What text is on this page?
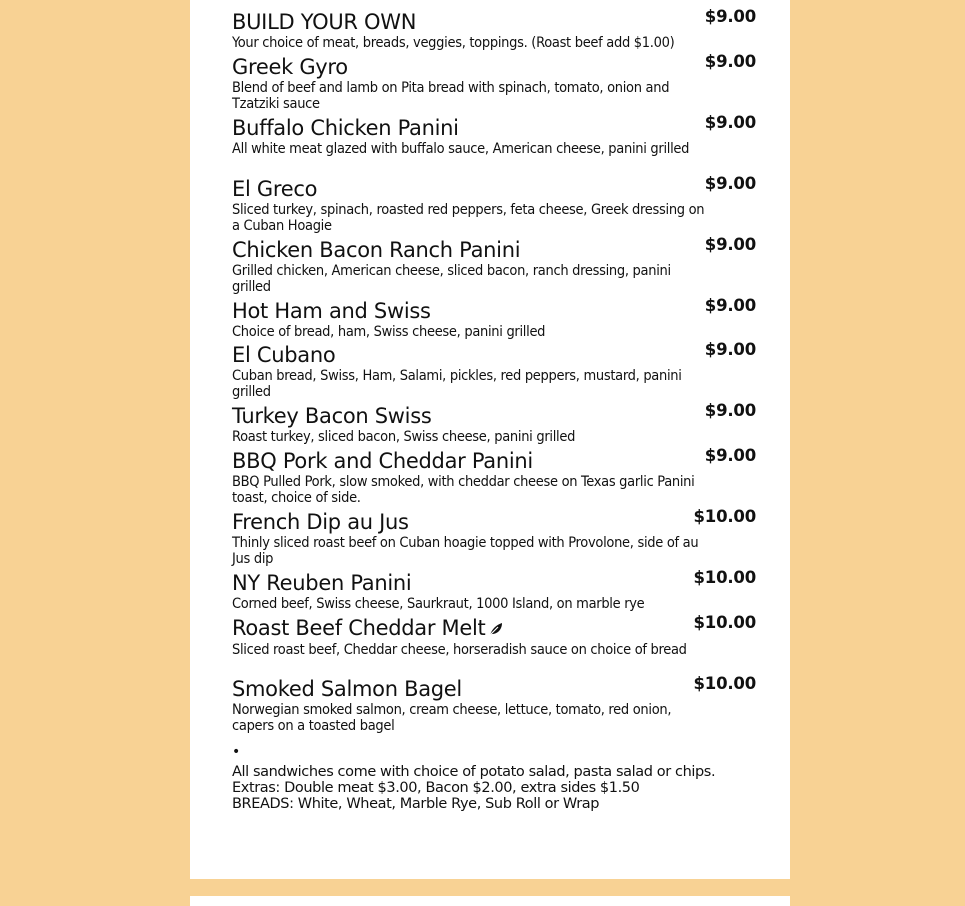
BUILD YOUR OWN	$9.00
Your choice of meat, breads, veggies, toppings. (Roast beef add $1.00)
Greek Gyro	$9.00
Blend of beef and lamb on Pita bread with spinach, tomato, onion and Tzatziki sauce
Buffalo Chicken Panini	$9.00
All white meat glazed with buffalo sauce, American cheese, panini grilled
El Greco	$9.00
Sliced turkey, spinach, roasted red peppers, feta cheese, Greek dressing on a Cuban Hoagie
Chicken Bacon Ranch Panini	$9.00
Grilled chicken, American cheese, sliced bacon, ranch dressing, panini grilled
Hot Ham and Swiss	$9.00
Choice of bread, ham, Swiss cheese, panini grilled
El Cubano	$9.00
Cuban bread, Swiss, Ham, Salami, pickles, red peppers, mustard, panini grilled
Turkey Bacon Swiss	$9.00
Roast turkey, sliced bacon, Swiss cheese, panini grilled
BBQ Pork and Cheddar Panini	$9.00
BBQ Pulled Pork, slow smoked, with cheddar cheese on Texas garlic Panini toast, choice of side.
French Dip au Jus	$10.00
Thinly sliced roast beef on Cuban hoagie topped with Provolone, side of au Jus dip
NY Reuben Panini	$10.00
Corned beef, Swiss cheese, Saurkraut, 1000 Island, on marble rye
Roast Beef Cheddar Melt	$10.00
Sliced roast beef, Cheddar cheese, horseradish sauce on choice of bread
Smoked Salmon Bagel	$10.00
Norwegian smoked salmon, cream cheese, lettuce, tomato, red onion, capers on a toasted bagel
•
All sandwiches come with choice of potato salad, pasta salad or chips.
Extras: Double meat $3.00, Bacon $2.00, extra sides $1.50
BREADS: White, Wheat, Marble Rye, Sub Roll or Wrap
